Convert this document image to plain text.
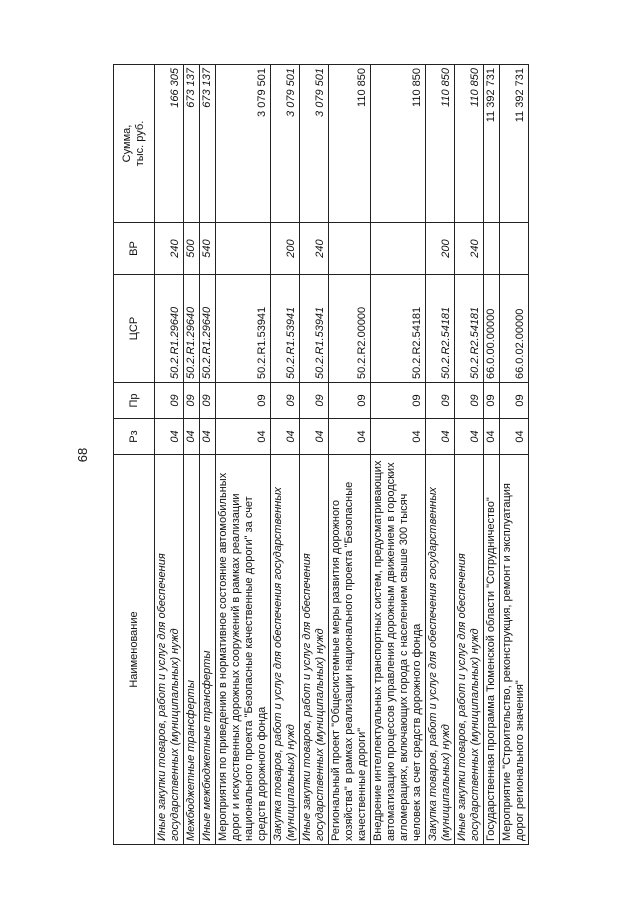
68
Наименование	Рз	Пр	ЦСР	ВР	Сумма, тыс. руб.

Иные закупки товаров, работ и услуг для обеспечения государственных (муниципальных) нужд	04	09	50.2.R1.29640	240	166 305
Межбюджетные трансферты	04	09	50.2.R1.29640	500	673 137
Иные межбюджетные трансферты	04	09	50.2.R1.29640	540	673 137
Мероприятия по приведению в нормативное состояние автомобильных дорог и искусственных дорожных сооружений в рамках реализации национального проекта "Безопасные качественные дороги" за счет средств дорожного фонда	04	09	50.2.R1.53941		3 079 501
Закупка товаров, работ и услуг для обеспечения государственных (муниципальных) нужд	04	09	50.2.R1.53941	200	3 079 501
Иные закупки товаров, работ и услуг для обеспечения государственных (муниципальных) нужд	04	09	50.2.R1.53941	240	3 079 501
Региональный проект "Общесистемные меры развития дорожного хозяйства" в рамках реализации национального проекта "Безопасные качественные дороги"	04	09	50.2.R2.00000		110 850
Внедрение интеллектуальных транспортных систем, предусматривающих автоматизацию процессов управления дорожным движением в городских агломерациях, включающих города с населением свыше 300 тысяч человек за счет средств дорожного фонда	04	09	50.2.R2.54181		110 850
Закупка товаров, работ и услуг для обеспечения государственных (муниципальных) нужд	04	09	50.2.R2.54181	200	110 850
Иные закупки товаров, работ и услуг для обеспечения государственных (муниципальных) нужд	04	09	50.2.R2.54181	240	110 850
Государственная программа Тюменской области "Сотрудничество"	04	09	66.0.00.00000		11 392 731
Мероприятие "Строительство, реконструкция, ремонт и эксплуатация дорог регионального значения"	04	09	66.0.02.00000		11 392 731
